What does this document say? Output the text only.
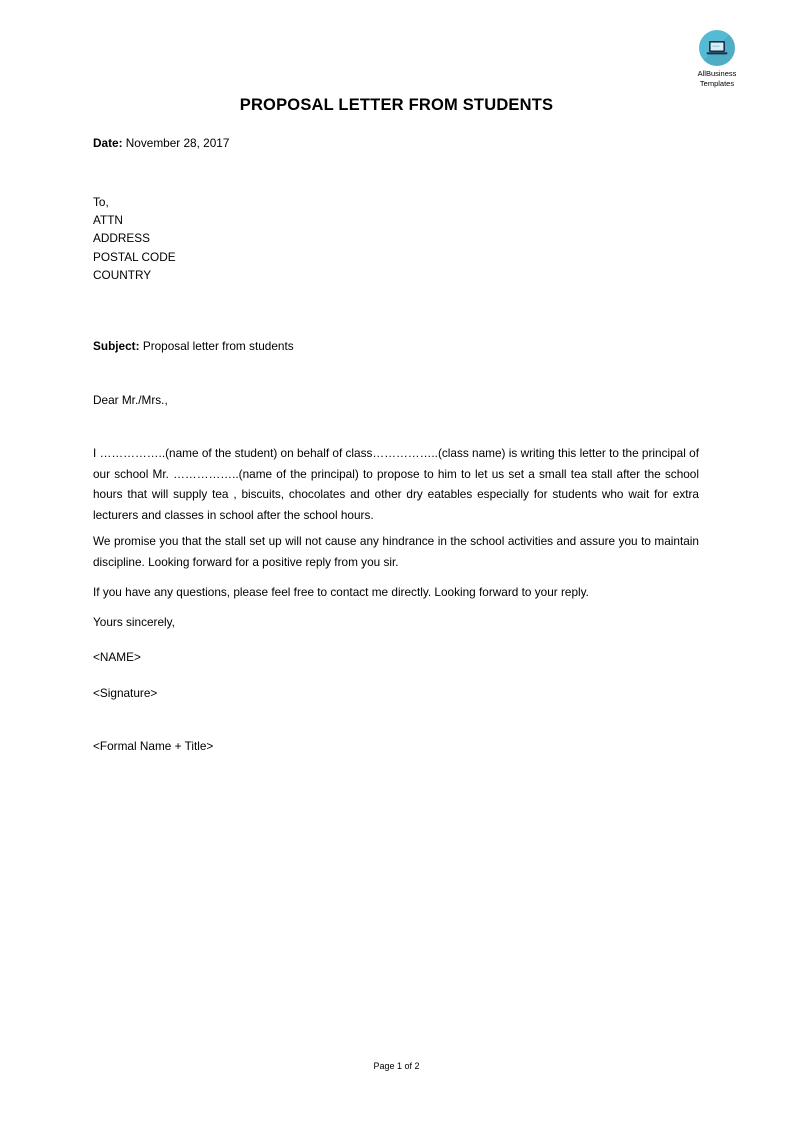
AllBusiness
Templates
PROPOSAL LETTER FROM STUDENTS
Date: November 28, 2017
To,
ATTN
ADDRESS
POSTAL CODE
COUNTRY
Subject: Proposal letter from students
Dear Mr./Mrs.,
I ……………..(name of the student) on behalf of class……………..(class name) is writing this letter to the principal of our school Mr. ……………..(name of the principal) to propose to him to let us set a small tea stall after the school hours that will supply tea , biscuits, chocolates and other dry eatables especially for students who wait for extra lecturers and classes in school after the school hours.
We promise you that the stall set up will not cause any hindrance in the school activities and assure you to maintain discipline. Looking forward for a positive reply from you sir.
If you have any questions, please feel free to contact me directly. Looking forward to your reply.
Yours sincerely,
<NAME>
<Signature>
<Formal Name + Title>
Page 1 of 2
